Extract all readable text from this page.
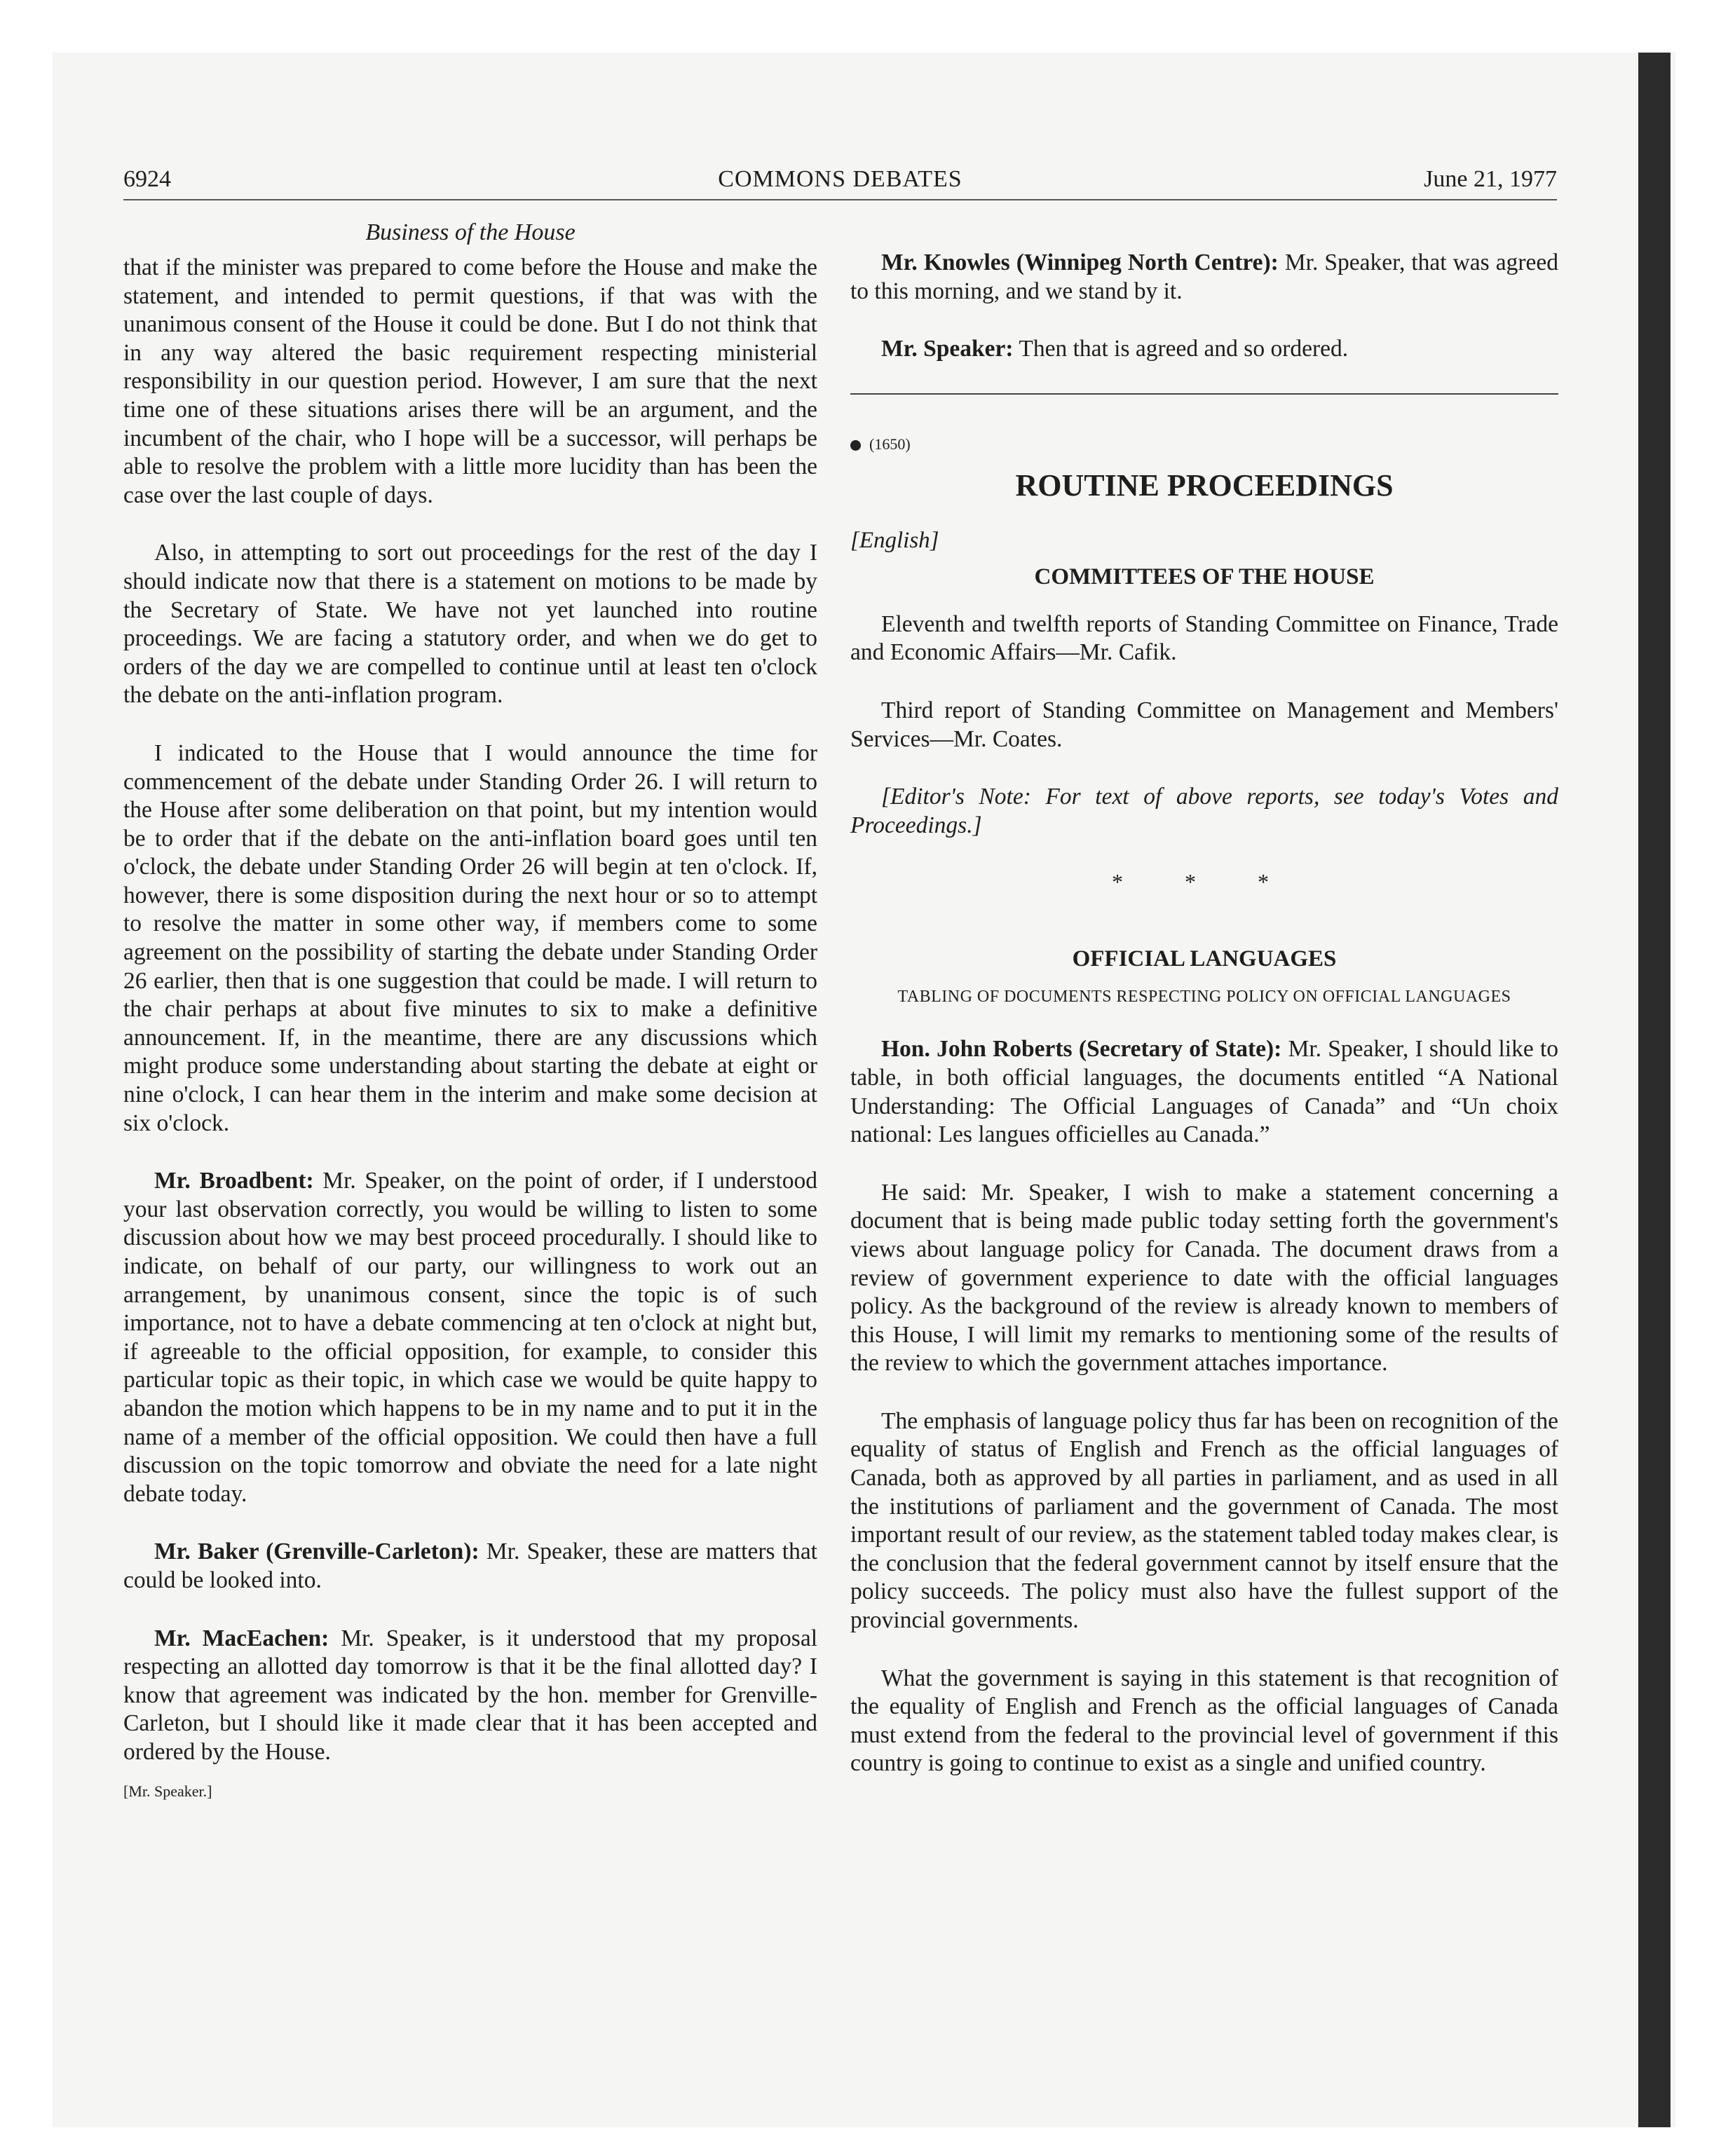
6924	COMMONS DEBATES	June 21, 1977
Business of the House

that if the minister was prepared to come before the House and make the statement, and intended to permit questions, if that was with the unanimous consent of the House it could be done. But I do not think that in any way altered the basic requirement respecting ministerial responsibility in our question period. However, I am sure that the next time one of these situations arises there will be an argument, and the incumbent of the chair, who I hope will be a successor, will perhaps be able to resolve the problem with a little more lucidity than has been the case over the last couple of days.

Also, in attempting to sort out proceedings for the rest of the day I should indicate now that there is a statement on motions to be made by the Secretary of State. We have not yet launched into routine proceedings. We are facing a statutory order, and when we do get to orders of the day we are compelled to continue until at least ten o'clock the debate on the anti-inflation program.

I indicated to the House that I would announce the time for commencement of the debate under Standing Order 26. I will return to the House after some deliberation on that point, but my intention would be to order that if the debate on the anti-inflation board goes until ten o'clock, the debate under Standing Order 26 will begin at ten o'clock. If, however, there is some disposition during the next hour or so to attempt to resolve the matter in some other way, if members come to some agreement on the possibility of starting the debate under Standing Order 26 earlier, then that is one suggestion that could be made. I will return to the chair perhaps at about five minutes to six to make a definitive announcement. If, in the meantime, there are any discussions which might produce some understanding about starting the debate at eight or nine o'clock, I can hear them in the interim and make some decision at six o'clock.

Mr. Broadbent: Mr. Speaker, on the point of order, if I understood your last observation correctly, you would be willing to listen to some discussion about how we may best proceed procedurally. I should like to indicate, on behalf of our party, our willingness to work out an arrangement, by unanimous consent, since the topic is of such importance, not to have a debate commencing at ten o'clock at night but, if agreeable to the official opposition, for example, to consider this particular topic as their topic, in which case we would be quite happy to abandon the motion which happens to be in my name and to put it in the name of a member of the official opposition. We could then have a full discussion on the topic tomorrow and obviate the need for a late night debate today.

Mr. Baker (Grenville-Carleton): Mr. Speaker, these are matters that could be looked into.

Mr. MacEachen: Mr. Speaker, is it understood that my proposal respecting an allotted day tomorrow is that it be the final allotted day? I know that agreement was indicated by the hon. member for Grenville-Carleton, but I should like it made clear that it has been accepted and ordered by the House.

[Mr. Speaker.]

Mr. Knowles (Winnipeg North Centre): Mr. Speaker, that was agreed to this morning, and we stand by it.

Mr. Speaker: Then that is agreed and so ordered.

(1650)
ROUTINE PROCEEDINGS
[English]
COMMITTEES OF THE HOUSE

Eleventh and twelfth reports of Standing Committee on Finance, Trade and Economic Affairs—Mr. Cafik.

Third report of Standing Committee on Management and Members' Services—Mr. Coates.

[Editor's Note: For text of above reports, see today's Votes and Proceedings.]

* * *
OFFICIAL LANGUAGES
TABLING OF DOCUMENTS RESPECTING POLICY ON OFFICIAL LANGUAGES

Hon. John Roberts (Secretary of State): Mr. Speaker, I should like to table, in both official languages, the documents entitled “A National Understanding: The Official Languages of Canada” and “Un choix national: Les langues officielles au Canada.”

He said: Mr. Speaker, I wish to make a statement concerning a document that is being made public today setting forth the government's views about language policy for Canada. The document draws from a review of government experience to date with the official languages policy. As the background of the review is already known to members of this House, I will limit my remarks to mentioning some of the results of the review to which the government attaches importance.

The emphasis of language policy thus far has been on recognition of the equality of status of English and French as the official languages of Canada, both as approved by all parties in parliament, and as used in all the institutions of parliament and the government of Canada. The most important result of our review, as the statement tabled today makes clear, is the conclusion that the federal government cannot by itself ensure that the policy succeeds. The policy must also have the fullest support of the provincial governments.

What the government is saying in this statement is that recognition of the equality of English and French as the official languages of Canada must extend from the federal to the provincial level of government if this country is going to continue to exist as a single and unified country.
